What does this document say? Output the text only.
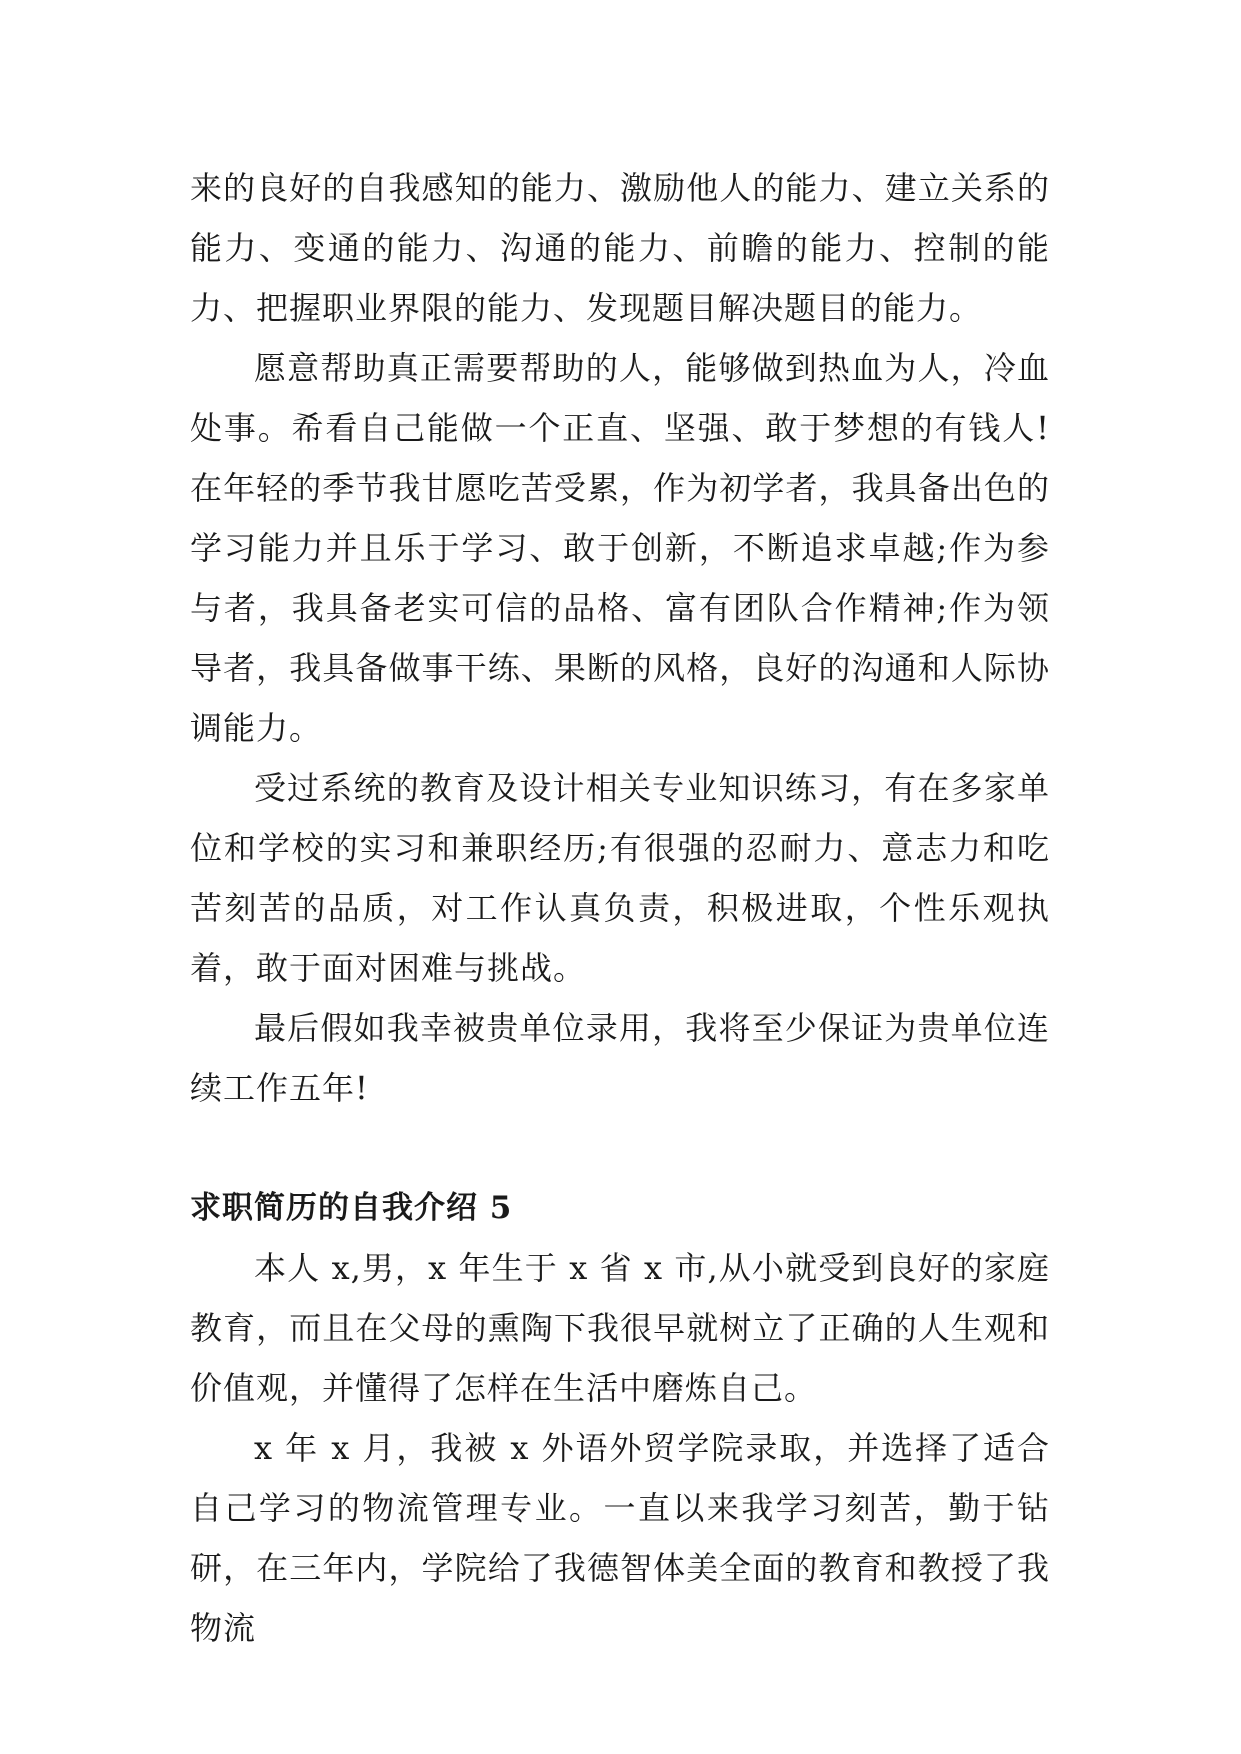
来的良好的自我感知的能力、激励他人的能力、建立关系的能力、变通的能力、沟通的能力、前瞻的能力、控制的能力、把握职业界限的能力、发现题目解决题目的能力。

愿意帮助真正需要帮助的人，能够做到热血为人，冷血处事。希看自己能做一个正直、坚强、敢于梦想的有钱人!在年轻的季节我甘愿吃苦受累，作为初学者，我具备出色的学习能力并且乐于学习、敢于创新，不断追求卓越;作为参与者，我具备老实可信的品格、富有团队合作精神;作为领导者，我具备做事干练、果断的风格，良好的沟通和人际协调能力。

受过系统的教育及设计相关专业知识练习，有在多家单位和学校的实习和兼职经历;有很强的忍耐力、意志力和吃苦刻苦的品质，对工作认真负责，积极进取，个性乐观执着，敢于面对困难与挑战。

最后假如我幸被贵单位录用，我将至少保证为贵单位连续工作五年!

求职简历的自我介绍 5

本人 x,男，x 年生于 x 省 x 市,从小就受到良好的家庭教育，而且在父母的熏陶下我很早就树立了正确的人生观和价值观，并懂得了怎样在生活中磨炼自己。

x 年 x 月，我被 x 外语外贸学院录取，并选择了适合自己学习的物流管理专业。一直以来我学习刻苦，勤于钻研，在三年内，学院给了我德智体美全面的教育和教授了我物流
